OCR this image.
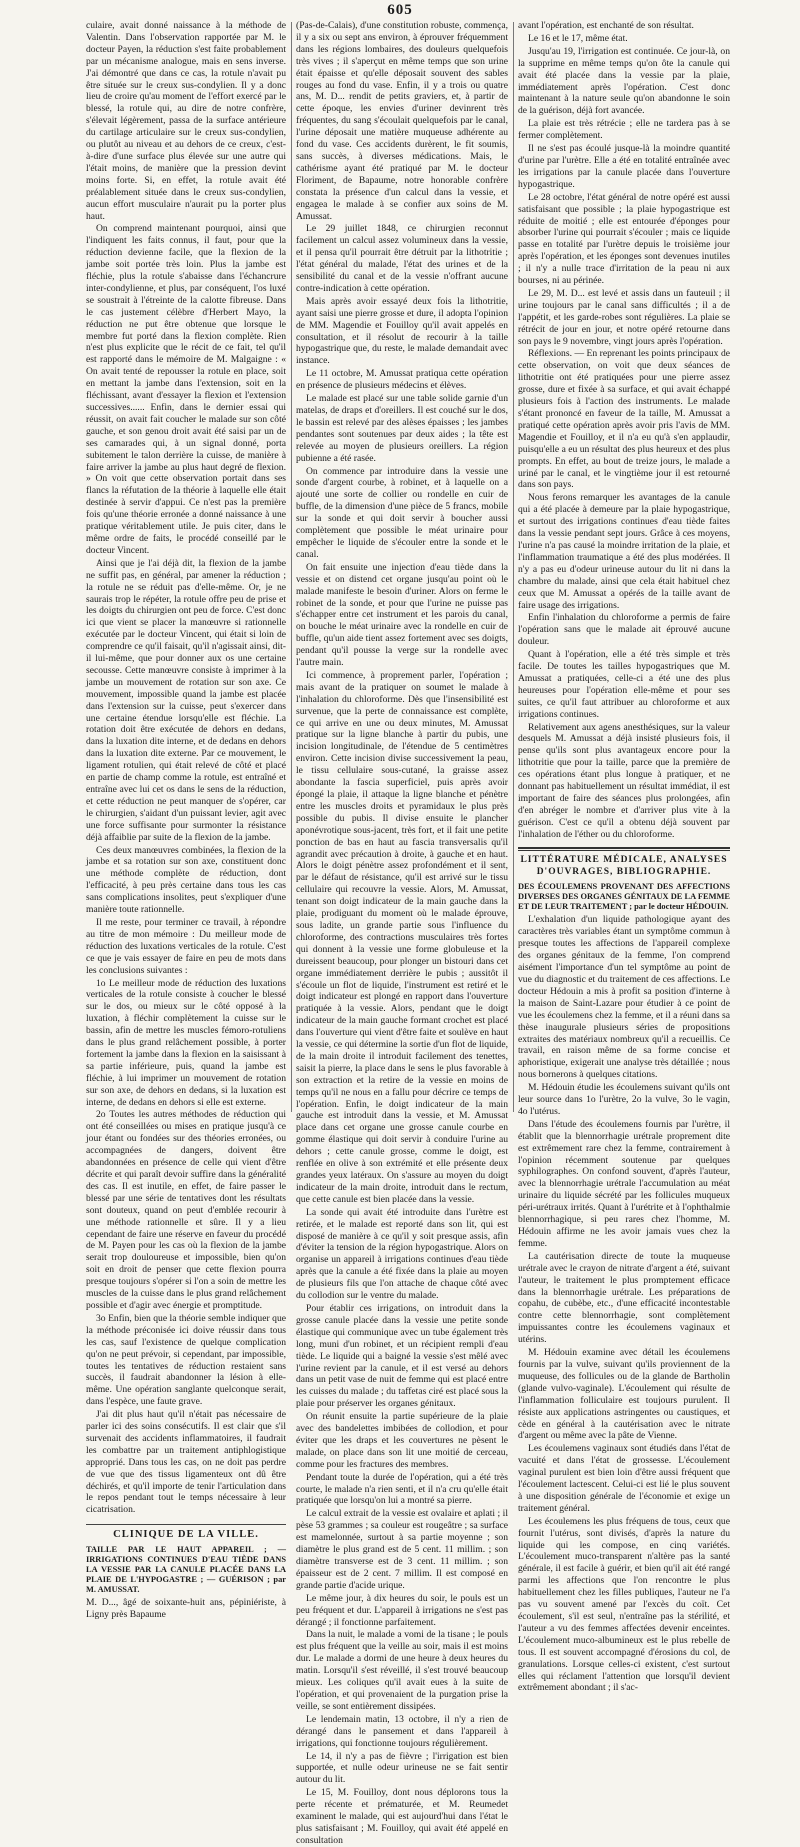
605

culaire, avait donné naissance à la méthode de Valentin. Dans l'observation rapportée par M. le docteur Payen, la réduction s'est faite probablement par un mécanisme analogue, mais en sens inverse. J'ai démontré que dans ce cas, la rotule n'avait pu être située sur le creux sus-condylien. Il y a donc lieu de croire qu'au moment de l'effort exercé par le blessé, la rotule qui, au dire de notre confrère, s'élevait légèrement, passa de la surface antérieure du cartilage articulaire sur le creux sus-condylien, ou plutôt au niveau et au dehors de ce creux, c'est-à-dire d'une surface plus élevée sur une autre qui l'était moins, de manière que la pression devint moins forte. Si, en effet, la rotule avait été préalablement située dans le creux sus-condylien, aucun effort musculaire n'aurait pu la porter plus haut.

On comprend maintenant pourquoi, ainsi que l'indiquent les faits connus, il faut, pour que la réduction devienne facile, que la flexion de la jambe soit portée très loin. Plus la jambe est fléchie, plus la rotule s'abaisse dans l'échancrure inter-condylienne, et plus, par conséquent, l'os luxé se soustrait à l'étreinte de la calotte fibreuse. Dans le cas justement célèbre d'Herbert Mayo, la réduction ne put être obtenue que lorsque le membre fut porté dans la flexion complète. Rien n'est plus explicite que le récit de ce fait, tel qu'il est rapporté dans le mémoire de M. Malgaigne : « On avait tenté de repousser la rotule en place, soit en mettant la jambe dans l'extension, soit en la fléchissant, avant d'essayer la flexion et l'extension successives...... Enfin, dans le dernier essai qui réussit, on avait fait coucher le malade sur son côté gauche, et son genou droit avait été saisi par un de ses camarades qui, à un signal donné, porta subitement le talon derrière la cuisse, de manière à faire arriver la jambe au plus haut degré de flexion. » On voit que cette observation portait dans ses flancs la réfutation de la théorie à laquelle elle était destinée à servir d'appui. Ce n'est pas la première fois qu'une théorie erronée a donné naissance à une pratique véritablement utile. Je puis citer, dans le même ordre de faits, le procédé conseillé par le docteur Vincent.

Ainsi que je l'ai déjà dit, la flexion de la jambe ne suffit pas, en général, par amener la réduction ; la rotule ne se réduit pas d'elle-même. Or, je ne saurais trop le répéter, la rotule offre peu de prise et les doigts du chirurgien ont peu de force. C'est donc ici que vient se placer la manœuvre si rationnelle exécutée par le docteur Vincent, qui était si loin de comprendre ce qu'il faisait, qu'il n'agissait ainsi, dit-il lui-même, que pour donner aux os une certaine secousse. Cette manœuvre consiste à imprimer à la jambe un mouvement de rotation sur son axe. Ce mouvement, impossible quand la jambe est placée dans l'extension sur la cuisse, peut s'exercer dans une certaine étendue lorsqu'elle est fléchie. La rotation doit être exécutée de dehors en dedans, dans la luxation dite interne, et de dedans en dehors dans la luxation dite externe. Par ce mouvement, le ligament rotulien, qui était relevé de côté et placé en partie de champ comme la rotule, est entraîné et entraîne avec lui cet os dans le sens de la réduction, et cette réduction ne peut manquer de s'opérer, car le chirurgien, s'aidant d'un puissant levier, agit avec une force suffisante pour surmonter la résistance déjà affaiblie par suite de la flexion de la jambe.

Ces deux manœuvres combinées, la flexion de la jambe et sa rotation sur son axe, constituent donc une méthode complète de réduction, dont l'efficacité, à peu près certaine dans tous les cas sans complications insolites, peut s'expliquer d'une manière toute rationnelle.

Il me reste, pour terminer ce travail, à répondre au titre de mon mémoire : Du meilleur mode de réduction des luxations verticales de la rotule. C'est ce que je vais essayer de faire en peu de mots dans les conclusions suivantes :

1o Le meilleur mode de réduction des luxations verticales de la rotule consiste à coucher le blessé sur le dos, ou mieux sur le côté opposé à la luxation, à fléchir complètement la cuisse sur le bassin, afin de mettre les muscles fémoro-rotuliens dans le plus grand relâchement possible, à porter fortement la jambe dans la flexion en la saisissant à sa partie inférieure, puis, quand la jambe est fléchie, à lui imprimer un mouvement de rotation sur son axe, de dehors en dedans, si la luxation est interne, de dedans en dehors si elle est externe.

2o Toutes les autres méthodes de réduction qui ont été conseillées ou mises en pratique jusqu'à ce jour étant ou fondées sur des théories erronées, ou accompagnées de dangers, doivent être abandonnées en présence de celle qui vient d'être décrite et qui paraît devoir suffire dans la généralité des cas. Il est inutile, en effet, de faire passer le blessé par une série de tentatives dont les résultats sont douteux, quand on peut d'emblée recourir à une méthode rationnelle et sûre. Il y a lieu cependant de faire une réserve en faveur du procédé de M. Payen pour les cas où la flexion de la jambe serait trop douloureuse et impossible, bien qu'on soit en droit de penser que cette flexion pourra presque toujours s'opérer si l'on a soin de mettre les muscles de la cuisse dans le plus grand relâchement possible et d'agir avec énergie et promptitude.

3o Enfin, bien que la théorie semble indiquer que la méthode préconisée ici doive réussir dans tous les cas, sauf l'existence de quelque complication qu'on ne peut prévoir, si cependant, par impossible, toutes les tentatives de réduction restaient sans succès, il faudrait abandonner la lésion à elle-même. Une opération sanglante quelconque serait, dans l'espèce, une faute grave.

J'ai dit plus haut qu'il n'était pas nécessaire de parler ici des soins consécutifs. Il est clair que s'il survenait des accidents inflammatoires, il faudrait les combattre par un traitement antiphlogistique approprié. Dans tous les cas, on ne doit pas perdre de vue que des tissus ligamenteux ont dû être déchirés, et qu'il importe de tenir l'articulation dans le repos pendant tout le temps nécessaire à leur cicatrisation.

CLINIQUE DE LA VILLE.
TAILLE PAR LE HAUT APPAREIL ; — IRRIGATIONS CONTINUES D'EAU TIÈDE DANS LA VESSIE PAR LA CANULE PLACÉE DANS LA PLAIE DE L'HYPOGASTRE ; — GUÉRISON ; par M. AMUSSAT.

M. D..., âgé de soixante-huit ans, pépiniériste, à Ligny près Bapaume

(Pas-de-Calais), d'une constitution robuste, commença, il y a six ou sept ans environ, à éprouver fréquemment dans les régions lombaires, des douleurs quelquefois très vives ; il s'aperçut en même temps que son urine était épaisse et qu'elle déposait souvent des sables rouges au fond du vase. Enfin, il y a trois ou quatre ans, M. D... rendit de petits graviers, et, à partir de cette époque, les envies d'uriner devinrent très fréquentes, du sang s'écoulait quelquefois par le canal, l'urine déposait une matière muqueuse adhérente au fond du vase. Ces accidents durèrent, le fit soumis, sans succès, à diverses médications. Mais, le cathérisme ayant été pratiqué par M. le docteur Floriment, de Bapaume, notre honorable confrère constata la présence d'un calcul dans la vessie, et engagea le malade à se confier aux soins de M. Amussat.

Le 29 juillet 1848, ce chirurgien reconnut facilement un calcul assez volumineux dans la vessie, et il pensa qu'il pourrait être détruit par la lithotritie ; l'état général du malade, l'état des urines et de la sensibilité du canal et de la vessie n'offrant aucune contre-indication à cette opération.

Mais après avoir essayé deux fois la lithotritie, ayant saisi une pierre grosse et dure, il adopta l'opinion de MM. Magendie et Fouilloy qu'il avait appelés en consultation, et il résolut de recourir à la taille hypogastrique que, du reste, le malade demandait avec instance.

Le 11 octobre, M. Amussat pratiqua cette opération en présence de plusieurs médecins et élèves.

Le malade est placé sur une table solide garnie d'un matelas, de draps et d'oreillers. Il est couché sur le dos, le bassin est relevé par des alèses épaisses ; les jambes pendantes sont soutenues par deux aides ; la tête est relevée au moyen de plusieurs oreillers. La région pubienne a été rasée.

On commence par introduire dans la vessie une sonde d'argent courbe, à robinet, et à laquelle on a ajouté une sorte de collier ou rondelle en cuir de buffle, de la dimension d'une pièce de 5 francs, mobile sur la sonde et qui doit servir à boucher aussi complètement que possible le méat urinaire pour empêcher le liquide de s'écouler entre la sonde et le canal.

On fait ensuite une injection d'eau tiède dans la vessie et on distend cet organe jusqu'au point où le malade manifeste le besoin d'uriner. Alors on ferme le robinet de la sonde, et pour que l'urine ne puisse pas s'échapper entre cet instrument et les parois du canal, on bouche le méat urinaire avec la rondelle en cuir de buffle, qu'un aide tient assez fortement avec ses doigts, pendant qu'il pousse la verge sur la rondelle avec l'autre main.

Ici commence, à proprement parler, l'opération ; mais avant de la pratiquer on soumet le malade à l'inhalation du chloroforme. Dès que l'insensibilité est survenue, que la perte de connaissance est complète, ce qui arrive en une ou deux minutes, M. Amussat pratique sur la ligne blanche à partir du pubis, une incision longitudinale, de l'étendue de 5 centimètres environ. Cette incision divise successivement la peau, le tissu cellulaire sous-cutané, la graisse assez abondante la fascia superficiel, puis après avoir épongé la plaie, il attaque la ligne blanche et pénètre entre les muscles droits et pyramidaux le plus près possible du pubis. Il divise ensuite le plancher aponévrotique sous-jacent, très fort, et il fait une petite ponction de bas en haut au fascia transversalis qu'il agrandit avec précaution à droite, à gauche et en haut. Alors le doigt pénètre assez profondément et il sent, par le défaut de résistance, qu'il est arrivé sur le tissu cellulaire qui recouvre la vessie. Alors, M. Amussat, tenant son doigt indicateur de la main gauche dans la plaie, prodiguant du moment où le malade éprouve, sous ladite, un grande partie sous l'influence du chloroforme, des contractions musculaires très fortes qui donnent à la vessie une forme globuleuse et la dureissent beaucoup, pour plonger un bistouri dans cet organe immédiatement derrière le pubis ; aussitôt il s'écoule un flot de liquide, l'instrument est retiré et le doigt indicateur est plongé en rapport dans l'ouverture pratiquée à la vessie. Alors, pendant que le doigt indicateur de la main gauche formant crochet est placé dans l'ouverture qui vient d'être faite et soulève en haut la vessie, ce qui détermine la sortie d'un flot de liquide, de la main droite il introduit facilement des tenettes, saisit la pierre, la place dans le sens le plus favorable à son extraction et la retire de la vessie en moins de temps qu'il ne nous en a fallu pour décrire ce temps de l'opération. Enfin, le doigt indicateur de la main gauche est introduit dans la vessie, et M. Amussat place dans cet organe une grosse canule courbe en gomme élastique qui doit servir à conduire l'urine au dehors ; cette canule grosse, comme le doigt, est renflée en olive à son extrémité et elle présente deux grandes yeux latéraux. On s'assure au moyen du doigt indicateur de la main droite, introduit dans le rectum, que cette canule est bien placée dans la vessie.

La sonde qui avait été introduite dans l'urètre est retirée, et le malade est reporté dans son lit, qui est disposé de manière à ce qu'il y soit presque assis, afin d'éviter la tension de la région hypogastrique. Alors on organise un appareil à irrigations continues d'eau tiède après que la canule a été fixée dans la plaie au moyen de plusieurs fils que l'on attache de chaque côté avec du collodion sur le ventre du malade.

Pour établir ces irrigations, on introduit dans la grosse canule placée dans la vessie une petite sonde élastique qui communique avec un tube également très long, muni d'un robinet, et un récipient rempli d'eau tiède. Le liquide qui a baigné la vessie s'est mêlé avec l'urine revient par la canule, et il est versé au dehors dans un petit vase de nuit de femme qui est placé entre les cuisses du malade ; du taffetas ciré est placé sous la plaie pour préserver les organes génitaux.

On réunit ensuite la partie supérieure de la plaie avec des bandelettes imbibées de collodion, et pour éviter que les draps et les couvertures ne pèsent le malade, on place dans son lit une moitié de cerceau, comme pour les fractures des membres.

Pendant toute la durée de l'opération, qui a été très courte, le malade n'a rien senti, et il n'a cru qu'elle était pratiquée que lorsqu'on lui a montré sa pierre.

Le calcul extrait de la vessie est ovalaire et aplati ; il pèse 53 grammes ; sa couleur est rougeâtre ; sa surface est mamelonnée, surtout à sa partie moyenne ; son diamètre le plus grand est de 5 cent. 11 millim. ; son diamètre transverse est de 3 cent. 11 millim. ; son épaisseur est de 2 cent. 7 millim. Il est composé en grande partie d'acide urique.

Le même jour, à dix heures du soir, le pouls est un peu fréquent et dur. L'appareil à irrigations ne s'est pas dérangé ; il fonctionne parfaitement.

Dans la nuit, le malade a vomi de la tisane ; le pouls est plus fréquent que la veille au soir, mais il est moins dur. Le malade a dormi de une heure à deux heures du matin. Lorsqu'il s'est réveillé, il s'est trouvé beaucoup mieux. Les coliques qu'il avait eues à la suite de l'opération, et qui provenaient de la purgation prise la veille, se sont entièrement dissipées.

Le lendemain matin, 13 octobre, il n'y a rien de dérangé dans le pansement et dans l'appareil à irrigations, qui fonctionne toujours régulièrement.

Le 14, il n'y a pas de fièvre ; l'irrigation est bien supportée, et nulle odeur urineuse ne se fait sentir autour du lit.

Le 15, M. Fouilloy, dont nous déplorons tous la perte récente et prématurée, et M. Reumedet examinent le malade, qui est aujourd'hui dans l'état le plus satisfaisant ; M. Fouilloy, qui avait été appelé en consultation

avant l'opération, est enchanté de son résultat.

Le 16 et le 17, même état.

Jusqu'au 19, l'irrigation est continuée. Ce jour-là, on la supprime en même temps qu'on ôte la canule qui avait été placée dans la vessie par la plaie, immédiatement après l'opération. C'est donc maintenant à la nature seule qu'on abandonne le soin de la guérison, déjà fort avancée.

La plaie est très rétrécie ; elle ne tardera pas à se fermer complètement.

Il ne s'est pas écoulé jusque-là la moindre quantité d'urine par l'urètre. Elle a été en totalité entraînée avec les irrigations par la canule placée dans l'ouverture hypogastrique.

Le 28 octobre, l'état général de notre opéré est aussi satisfaisant que possible ; la plaie hypogastrique est réduite de moitié ; elle est entourée d'éponges pour absorber l'urine qui pourrait s'écouler ; mais ce liquide passe en totalité par l'urètre depuis le troisième jour après l'opération, et les éponges sont devenues inutiles ; il n'y a nulle trace d'irritation de la peau ni aux bourses, ni au périnée.

Le 29, M. D... est levé et assis dans un fauteuil ; il urine toujours par le canal sans difficultés ; il a de l'appétit, et les garde-robes sont régulières. La plaie se rétrécit de jour en jour, et notre opéré retourne dans son pays le 9 novembre, vingt jours après l'opération.

Réflexions. — En reprenant les points principaux de cette observation, on voit que deux séances de lithotritie ont été pratiquées pour une pierre assez grosse, dure et fixée à sa surface, et qui avait échappé plusieurs fois à l'action des instruments. Le malade s'étant prononcé en faveur de la taille, M. Amussat a pratiqué cette opération après avoir pris l'avis de MM. Magendie et Fouilloy, et il n'a eu qu'à s'en applaudir, puisqu'elle a eu un résultat des plus heureux et des plus prompts. En effet, au bout de treize jours, le malade a uriné par le canal, et le vingtième jour il est retourné dans son pays.

Nous ferons remarquer les avantages de la canule qui a été placée à demeure par la plaie hypogastrique, et surtout des irrigations continues d'eau tiède faites dans la vessie pendant sept jours. Grâce à ces moyens, l'urine n'a pas causé la moindre irritation de la plaie, et l'inflammation traumatique a été des plus modérées. Il n'y a pas eu d'odeur urineuse autour du lit ni dans la chambre du malade, ainsi que cela était habituel chez ceux que M. Amussat a opérés de la taille avant de faire usage des irrigations.

Enfin l'inhalation du chloroforme a permis de faire l'opération sans que le malade ait éprouvé aucune douleur.

Quant à l'opération, elle a été très simple et très facile. De toutes les tailles hypogastriques que M. Amussat a pratiquées, celle-ci a été une des plus heureuses pour l'opération elle-même et pour ses suites, ce qu'il faut attribuer au chloroforme et aux irrigations continues.

Relativement aux agens anesthésiques, sur la valeur desquels M. Amussat a déjà insisté plusieurs fois, il pense qu'ils sont plus avantageux encore pour la lithotritie que pour la taille, parce que la première de ces opérations étant plus longue à pratiquer, et ne donnant pas habituellement un résultat immédiat, il est important de faire des séances plus prolongées, afin d'en abréger le nombre et d'arriver plus vite à la guérison. C'est ce qu'il a obtenu déjà souvent par l'inhalation de l'éther ou du chloroforme.

LITTÉRATURE MÉDICALE, ANALYSES D'OUVRAGES, BIBLIOGRAPHIE.
DES ÉCOULEMENS PROVENANT DES AFFECTIONS DIVERSES DES ORGANES GÉNITAUX DE LA FEMME ET DE LEUR TRAITEMENT ; par le docteur HÉDOUIN.

L'exhalation d'un liquide pathologique ayant des caractères très variables étant un symptôme commun à presque toutes les affections de l'appareil complexe des organes génitaux de la femme, l'on comprend aisément l'importance d'un tel symptôme au point de vue du diagnostic et du traitement de ces affections. Le docteur Hédouin a mis à profit sa position d'interne à la maison de Saint-Lazare pour étudier à ce point de vue les écoulemens chez la femme, et il a réuni dans sa thèse inaugurale plusieurs séries de propositions extraites des matériaux nombreux qu'il a recueillis. Ce travail, en raison même de sa forme concise et aphoristique, exigerait une analyse très détaillée ; nous nous bornerons à quelques citations.

M. Hédouin étudie les écoulemens suivant qu'ils ont leur source dans 1o l'urètre, 2o la vulve, 3o le vagin, 4o l'utérus.

Dans l'étude des écoulemens fournis par l'urètre, il établit que la blennorrhagie urétrale proprement dite est extrêmement rare chez la femme, contrairement à l'opinion récemment soutenue par quelques syphilographes. On confond souvent, d'après l'auteur, avec la blennorrhagie urétrale l'accumulation au méat urinaire du liquide sécrété par les follicules muqueux péri-urétraux irrités. Quant à l'urétrite et à l'ophthalmie blennorrhagique, si peu rares chez l'homme, M. Hédouin affirme ne les avoir jamais vues chez la femme.

La cautérisation directe de toute la muqueuse urétrale avec le crayon de nitrate d'argent a été, suivant l'auteur, le traitement le plus promptement efficace dans la blennorrhagie urétrale. Les préparations de copahu, de cubèbe, etc., d'une efficacité incontestable contre cette blennorrhagie, sont complètement impuissantes contre les écoulemens vaginaux et utérins.

M. Hédouin examine avec détail les écoulemens fournis par la vulve, suivant qu'ils proviennent de la muqueuse, des follicules ou de la glande de Bartholin (glande vulvo-vaginale). L'écoulement qui résulte de l'inflammation folliculaire est toujours purulent. Il résiste aux applications astringentes ou caustiques, et cède en général à la cautérisation avec le nitrate d'argent ou même avec la pâte de Vienne.

Les écoulemens vaginaux sont étudiés dans l'état de vacuité et dans l'état de grossesse. L'écoulement vaginal purulent est bien loin d'être aussi fréquent que l'écoulement lactescent. Celui-ci est lié le plus souvent à une disposition générale de l'économie et exige un traitement général.

Les écoulemens les plus fréquens de tous, ceux que fournit l'utérus, sont divisés, d'après la nature du liquide qui les compose, en cinq variétés. L'écoulement muco-transparent n'altère pas la santé générale, il est facile à guérir, et bien qu'il ait été rangé parmi les affections que l'on rencontre le plus habituellement chez les filles publiques, l'auteur ne l'a pas vu souvent amené par l'excès du coït. Cet écoulement, s'il est seul, n'entraîne pas la stérilité, et l'auteur a vu des femmes affectées devenir enceintes. L'écoulement muco-albumineux est le plus rebelle de tous. Il est souvent accompagné d'érosions du col, de granulations. Lorsque celles-ci existent, c'est surtout elles qui réclament l'attention que lorsqu'il devient extrêmement abondant ; il s'ac-
